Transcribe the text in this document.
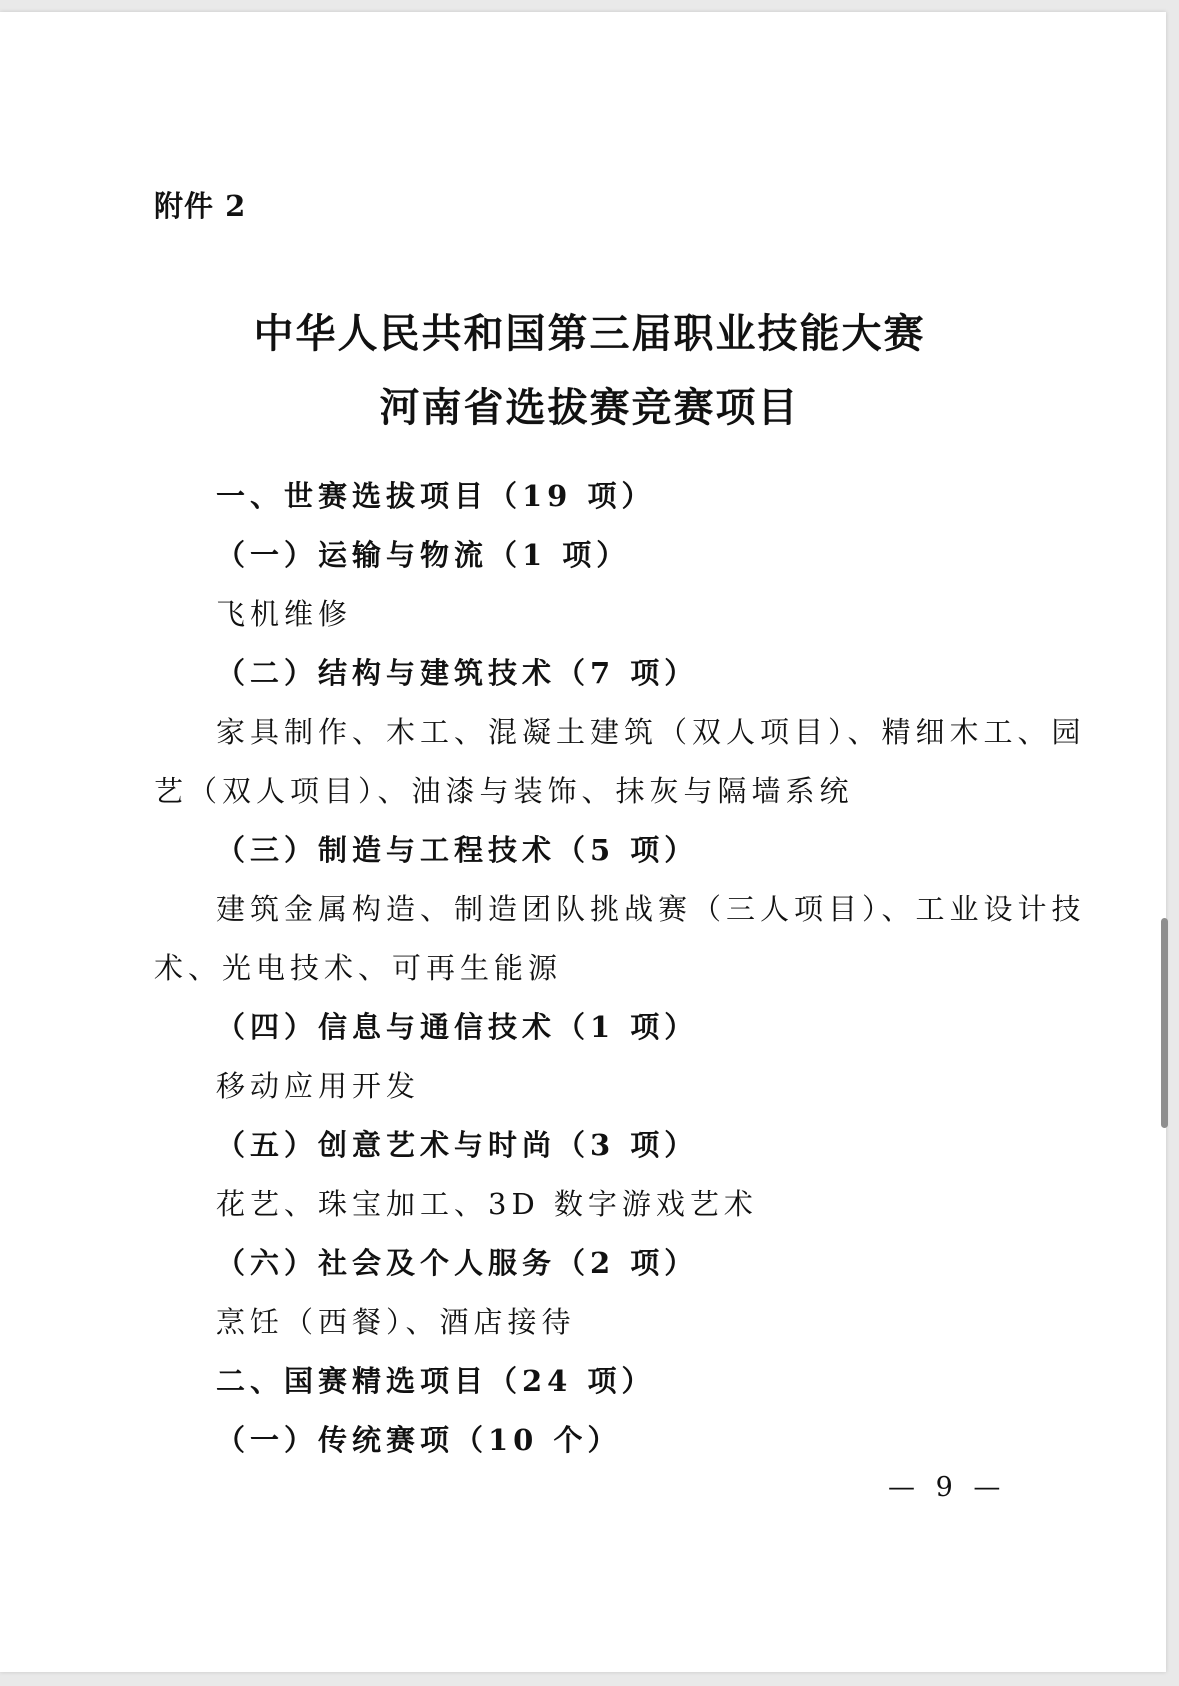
附件 2
中华人民共和国第三届职业技能大赛
河南省选拔赛竞赛项目
一、世赛选拔项目（19 项）
（一）运输与物流（1 项）
飞机维修
（二）结构与建筑技术（7 项）
家具制作、木工、混凝土建筑（双人项目）、精细木工、园
艺（双人项目）、油漆与装饰、抹灰与隔墙系统
（三）制造与工程技术（5 项）
建筑金属构造、制造团队挑战赛（三人项目）、工业设计技
术、光电技术、可再生能源
（四）信息与通信技术（1 项）
移动应用开发
（五）创意艺术与时尚（3 项）
花艺、珠宝加工、3D 数字游戏艺术
（六）社会及个人服务（2 项）
烹饪（西餐）、酒店接待
二、国赛精选项目（24 项）
（一）传统赛项（10 个）
— 9 —
